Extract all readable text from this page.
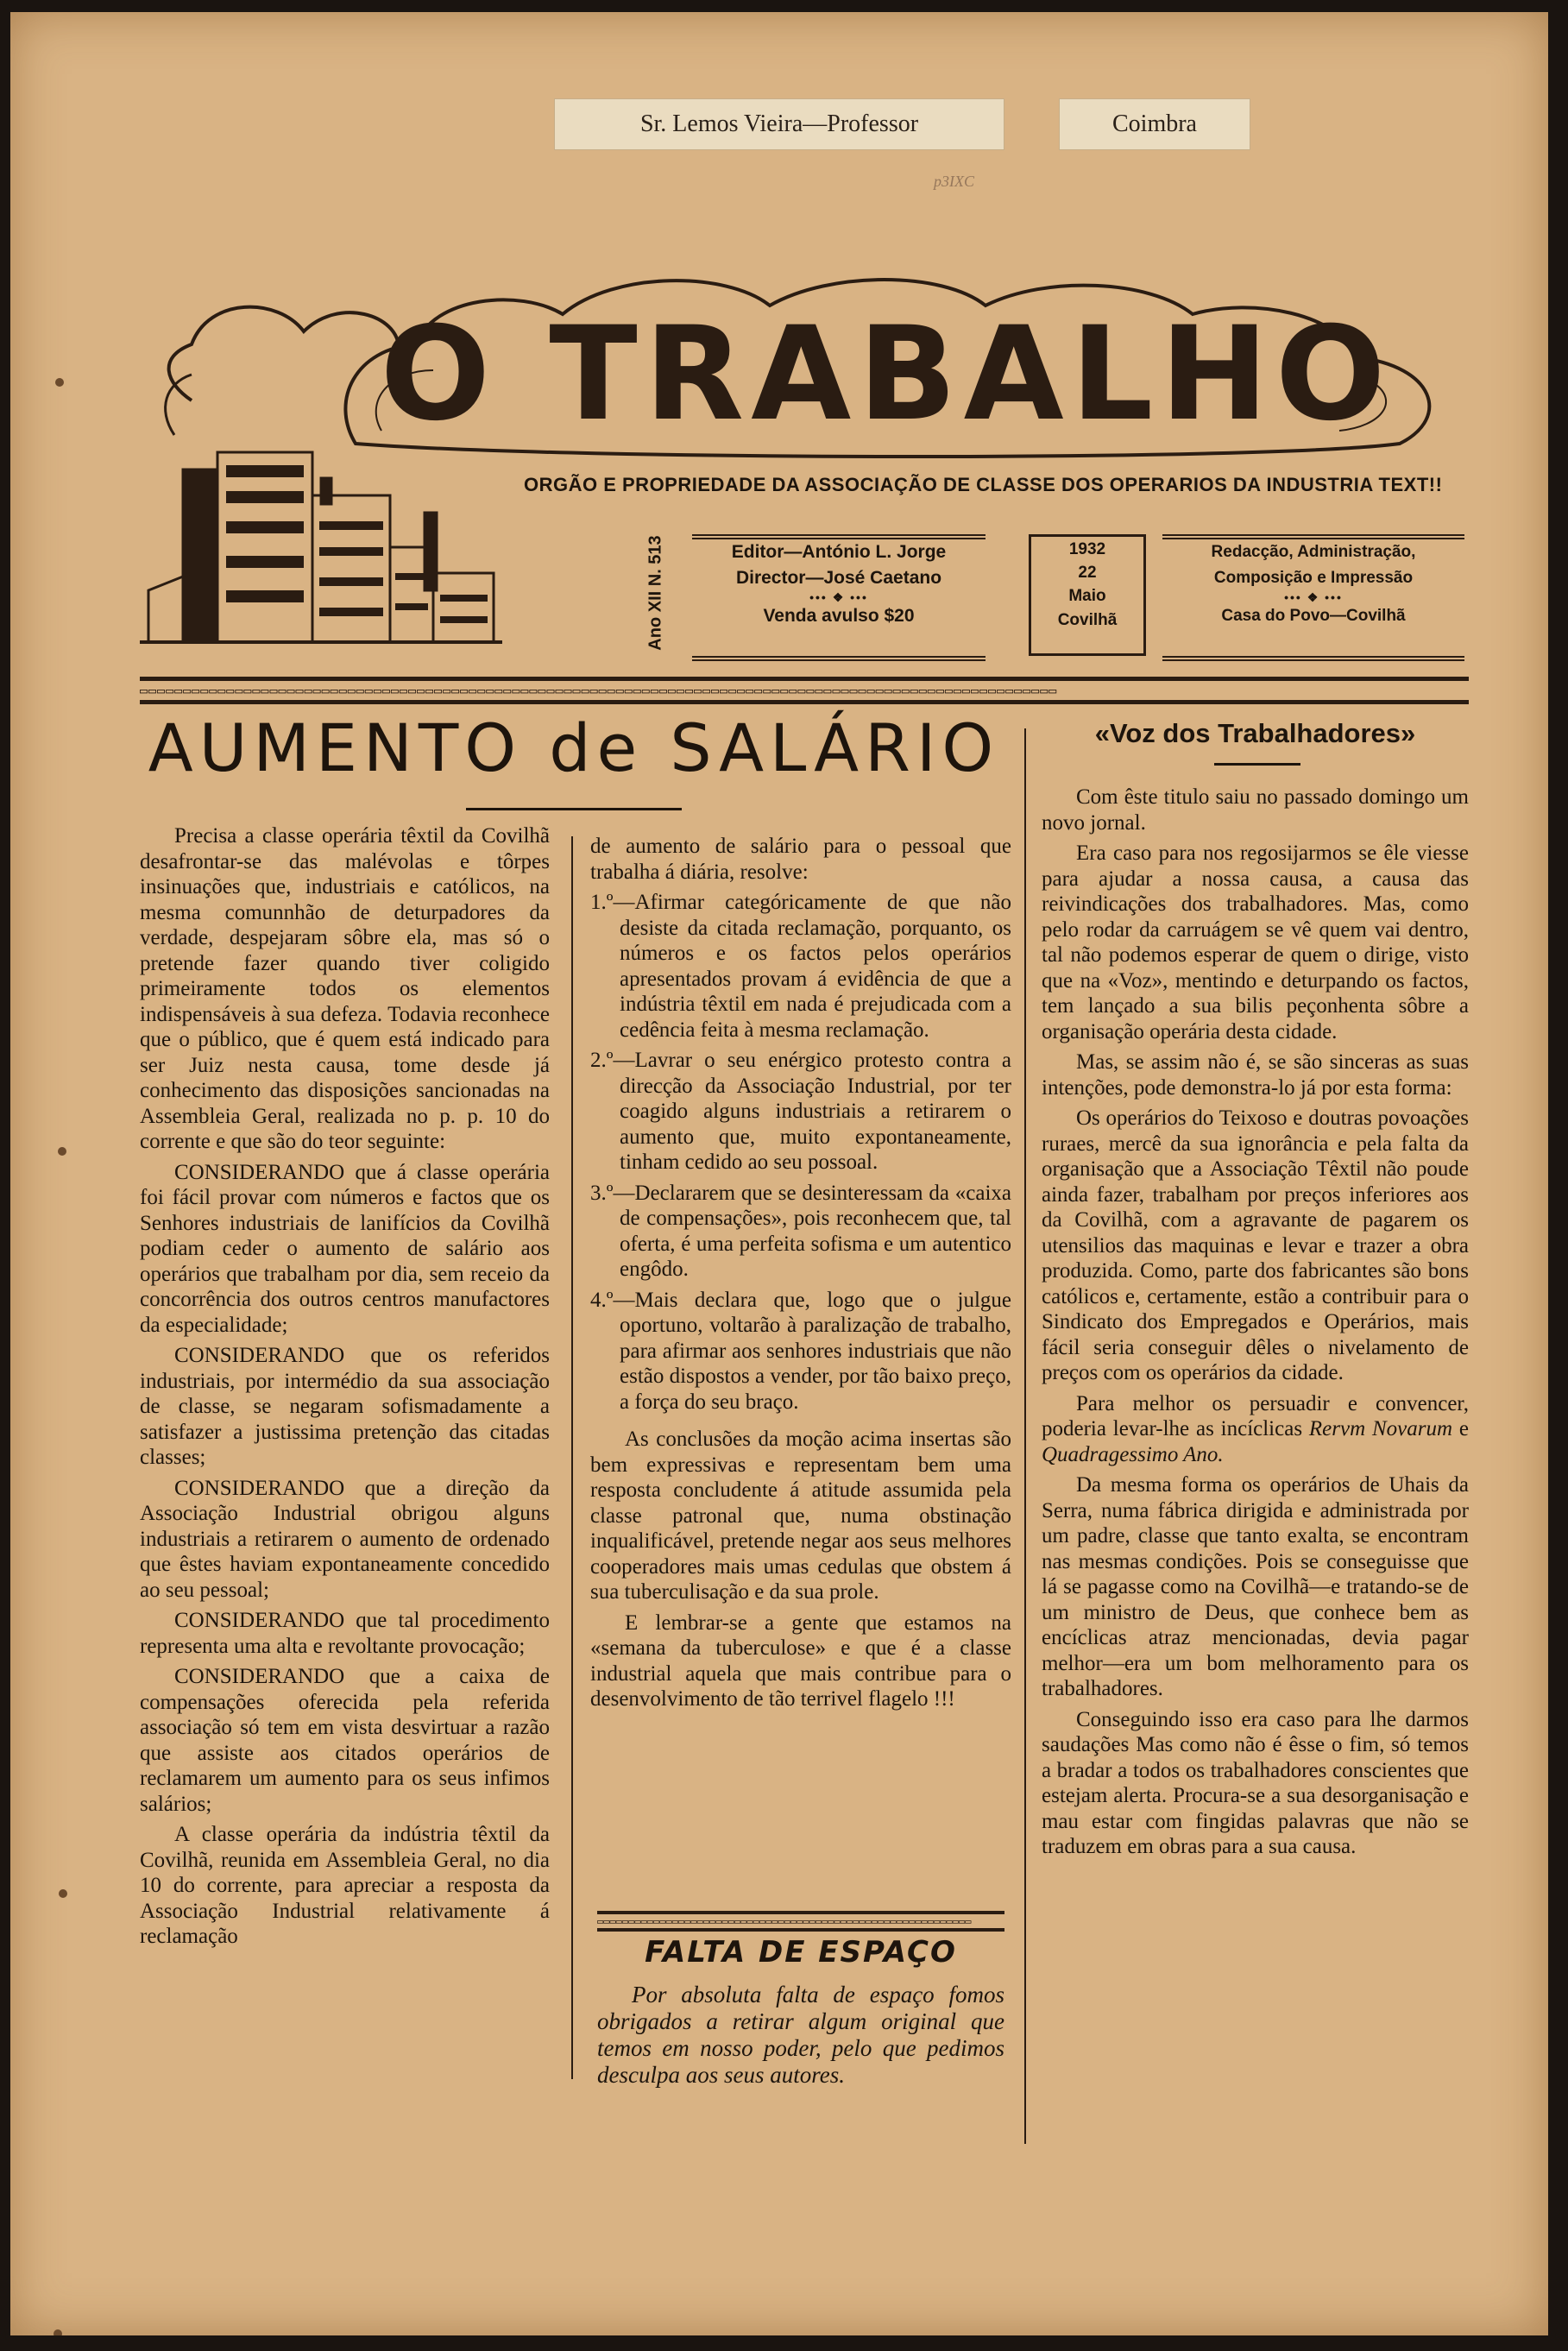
Sr. Lemos Vieira—Professor	Coimbra
p3IXC
O TRABALHO
ORGÃO E PROPRIEDADE DA ASSOCIAÇÃO DE CLASSE DOS OPERARIOS DA INDUSTRIA TEXT!!
Ano XII N. 513	Editor—António L. Jorge
Director—José Caetano
••• ❖ •••
Venda avulso $20
1932
22
Maio
Covilhã
Redacção, Administração,
Composição e Impressão
••• ❖ •••
Casa do Povo—Covilhã
▭▭▭▭▭▭▭▭▭▭▭▭▭▭▭▭▭▭▭▭▭▭▭▭▭▭▭▭▭▭▭▭▭▭▭▭▭▭▭▭▭▭▭▭▭▭▭▭▭▭▭▭▭▭▭▭▭▭▭▭▭▭▭▭▭▭▭▭▭▭▭▭▭▭▭▭▭▭▭▭▭▭▭▭▭▭▭▭▭▭▭▭▭▭▭▭▭▭▭▭▭▭▭▭▭▭
AUMENTO de SALÁRIO

Precisa a classe operária têxtil da Covilhã desafrontar-se das malévolas e tôrpes insinuações que, industriais e católicos, na mesma comunnhão de deturpadores da verdade, despejaram sôbre ela, mas só o pretende fazer quando tiver coligido primeiramente todos os elementos indispensáveis à sua defeza. Todavia reconhece que o público, que é quem está indicado para ser Juiz nesta causa, tome desde já conhecimento das disposições sancionadas na Assembleia Geral, realizada no p. p. 10 do corrente e que são do teor seguinte:

CONSIDERANDO que á classe operária foi fácil provar com números e factos que os Senhores industriais de lanifícios da Covilhã podiam ceder o aumento de salário aos operários que trabalham por dia, sem receio da concorrência dos outros centros manufactores da especialidade;

CONSIDERANDO que os referidos industriais, por intermédio da sua associação de classe, se negaram sofismadamente a satisfazer a justissima pretenção das citadas classes;

CONSIDERANDO que a direção da Associação Industrial obrigou alguns industriais a retirarem o aumento de ordenado que êstes haviam expontaneamente concedido ao seu pessoal;

CONSIDERANDO que tal procedimento representa uma alta e revoltante provocação;

CONSIDERANDO que a caixa de compensações oferecida pela referida associação só tem em vista desvirtuar a razão que assiste aos citados operários de reclamarem um aumento para os seus infimos salários;

A classe operária da indústria têxtil da Covilhã, reunida em Assembleia Geral, no dia 10 do corrente, para apreciar a resposta da Associação Industrial relativamente á reclamação

de aumento de salário para o pessoal que trabalha á diária, resolve:

1.º—Afirmar categóricamente de que não desiste da citada reclamação, porquanto, os números e os factos pelos operários apresentados provam á evidência de que a indústria têxtil em nada é prejudicada com a cedência feita à mesma reclamação.

2.º—Lavrar o seu enérgico protesto contra a direcção da Associação Industrial, por ter coagido alguns industriais a retirarem o aumento que, muito expontaneamente, tinham cedido ao seu possoal.

3.º—Declararem que se desinteressam da «caixa de compensações», pois reconhecem que, tal oferta, é uma perfeita sofisma e um autentico engôdo.

4.º—Mais declara que, logo que o julgue oportuno, voltarão à paralização de trabalho, para afirmar aos senhores industriais que não estão dispostos a vender, por tão baixo preço, a força do seu braço.

As conclusões da moção acima insertas são bem expressivas e representam bem uma resposta concludente á atitude assumida pela classe patronal que, numa obstinação inqualificável, pretende negar aos seus melhores cooperadores mais umas cedulas que obstem á sua tuberculisação e da sua prole.

E lembrar-se a gente que estamos na «semana da tuberculose» e que é a classe industrial aquela que mais contribue para o desenvolvimento de tão terrivel flagelo !!!

▭▭▭▭▭▭▭▭▭▭▭▭▭▭▭▭▭▭▭▭▭▭▭▭▭▭▭▭▭▭▭▭▭▭▭▭▭▭▭▭▭▭▭▭▭▭▭▭▭▭▭▭▭▭▭▭▭▭▭▭
FALTA DE ESPAÇO

Por absoluta falta de espaço fomos obrigados a retirar algum original que temos em nosso poder, pelo que pedimos desculpa aos seus autores.

«Voz dos Trabalhadores»

Com êste titulo saiu no passado domingo um novo jornal.

Era caso para nos regosijarmos se êle viesse para ajudar a nossa causa, a causa das reivindicações dos trabalhadores. Mas, como pelo rodar da carruágem se vê quem vai dentro, tal não podemos esperar de quem o dirige, visto que na «Voz», mentindo e deturpando os factos, tem lançado a sua bilis peçonhenta sôbre a organisação operária desta cidade.

Mas, se assim não é, se são sinceras as suas intenções, pode demonstra-lo já por esta forma:

Os operários do Teixoso e doutras povoações ruraes, mercê da sua ignorância e pela falta da organisação que a Associação Têxtil não poude ainda fazer, trabalham por preços inferiores aos da Covilhã, com a agravante de pagarem os utensilios das maquinas e levar e trazer a obra produzida. Como, parte dos fabricantes são bons católicos e, certamente, estão a contribuir para o Sindicato dos Empregados e Operários, mais fácil seria conseguir dêles o nivelamento de preços com os operários da cidade.

Para melhor os persuadir e convencer, poderia levar-lhe as incíclicas Rervm Novarum e Quadragessimo Ano.

Da mesma forma os operários de Uhais da Serra, numa fábrica dirigida e administrada por um padre, classe que tanto exalta, se encontram nas mesmas condições. Pois se conseguisse que lá se pagasse como na Covilhã—e tratando-se de um ministro de Deus, que conhece bem as encíclicas atraz mencionadas, devia pagar melhor—era um bom melhoramento para os trabalhadores.

Conseguindo isso era caso para lhe darmos saudações Mas como não é êsse o fim, só temos a bradar a todos os trabalhadores conscientes que estejam alerta. Procura-se a sua desorganisação e mau estar com fingidas palavras que não se traduzem em obras para a sua causa.
